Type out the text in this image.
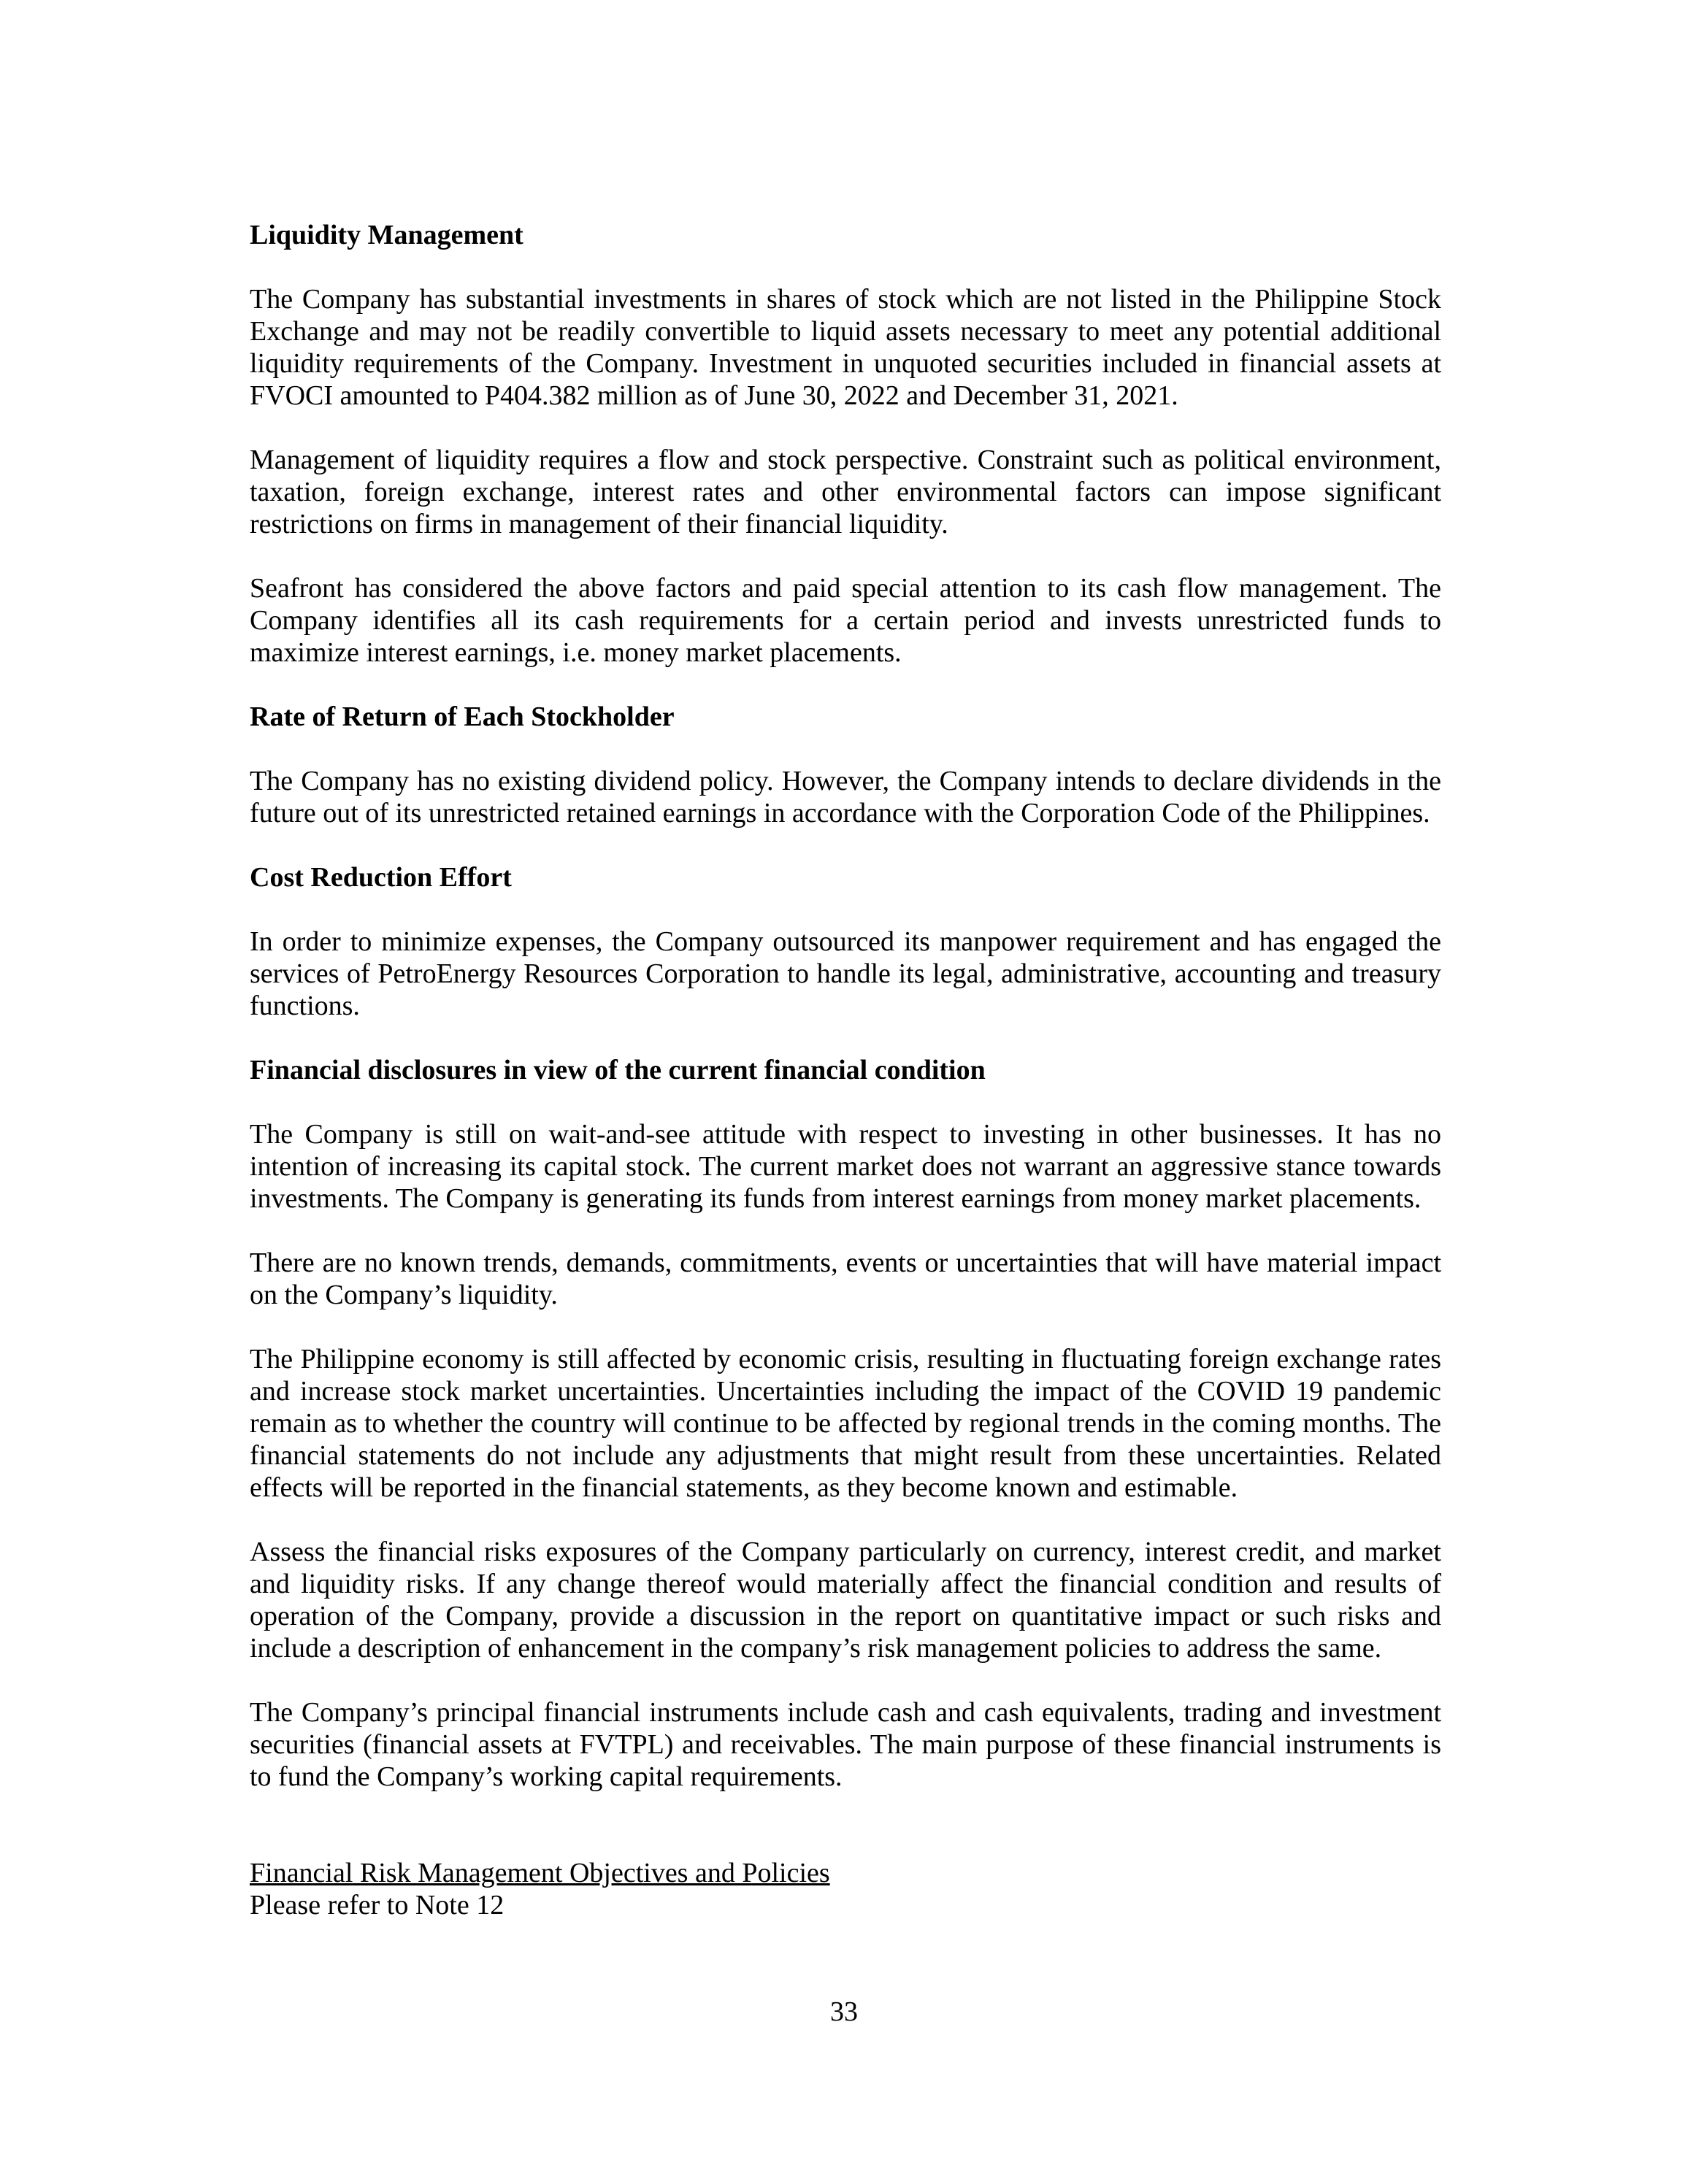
Liquidity Management

The Company has substantial investments in shares of stock which are not listed in the Philippine Stock Exchange and may not be readily convertible to liquid assets necessary to meet any potential additional liquidity requirements of the Company. Investment in unquoted securities included in financial assets at FVOCI amounted to P404.382 million as of June 30, 2022 and December 31, 2021.

Management of liquidity requires a flow and stock perspective. Constraint such as political environment, taxation, foreign exchange, interest rates and other environmental factors can impose significant restrictions on firms in management of their financial liquidity.

Seafront has considered the above factors and paid special attention to its cash flow management. The Company identifies all its cash requirements for a certain period and invests unrestricted funds to maximize interest earnings, i.e. money market placements.

Rate of Return of Each Stockholder

The Company has no existing dividend policy. However, the Company intends to declare dividends in the future out of its unrestricted retained earnings in accordance with the Corporation Code of the Philippines.

Cost Reduction Effort

In order to minimize expenses, the Company outsourced its manpower requirement and has engaged the services of PetroEnergy Resources Corporation to handle its legal, administrative, accounting and treasury functions.

Financial disclosures in view of the current financial condition

The Company is still on wait-and-see attitude with respect to investing in other businesses. It has no intention of increasing its capital stock. The current market does not warrant an aggressive stance towards investments. The Company is generating its funds from interest earnings from money market placements.

There are no known trends, demands, commitments, events or uncertainties that will have material impact on the Company’s liquidity.

The Philippine economy is still affected by economic crisis, resulting in fluctuating foreign exchange rates and increase stock market uncertainties. Uncertainties including the impact of the COVID 19 pandemic remain as to whether the country will continue to be affected by regional trends in the coming months. The financial statements do not include any adjustments that might result from these uncertainties. Related effects will be reported in the financial statements, as they become known and estimable.

Assess the financial risks exposures of the Company particularly on currency, interest credit, and market and liquidity risks. If any change thereof would materially affect the financial condition and results of operation of the Company, provide a discussion in the report on quantitative impact or such risks and include a description of enhancement in the company’s risk management policies to address the same.

The Company’s principal financial instruments include cash and cash equivalents, trading and investment securities (financial assets at FVTPL) and receivables. The main purpose of these financial instruments is to fund the Company’s working capital requirements.

Financial Risk Management Objectives and Policies

Please refer to Note 12

33
